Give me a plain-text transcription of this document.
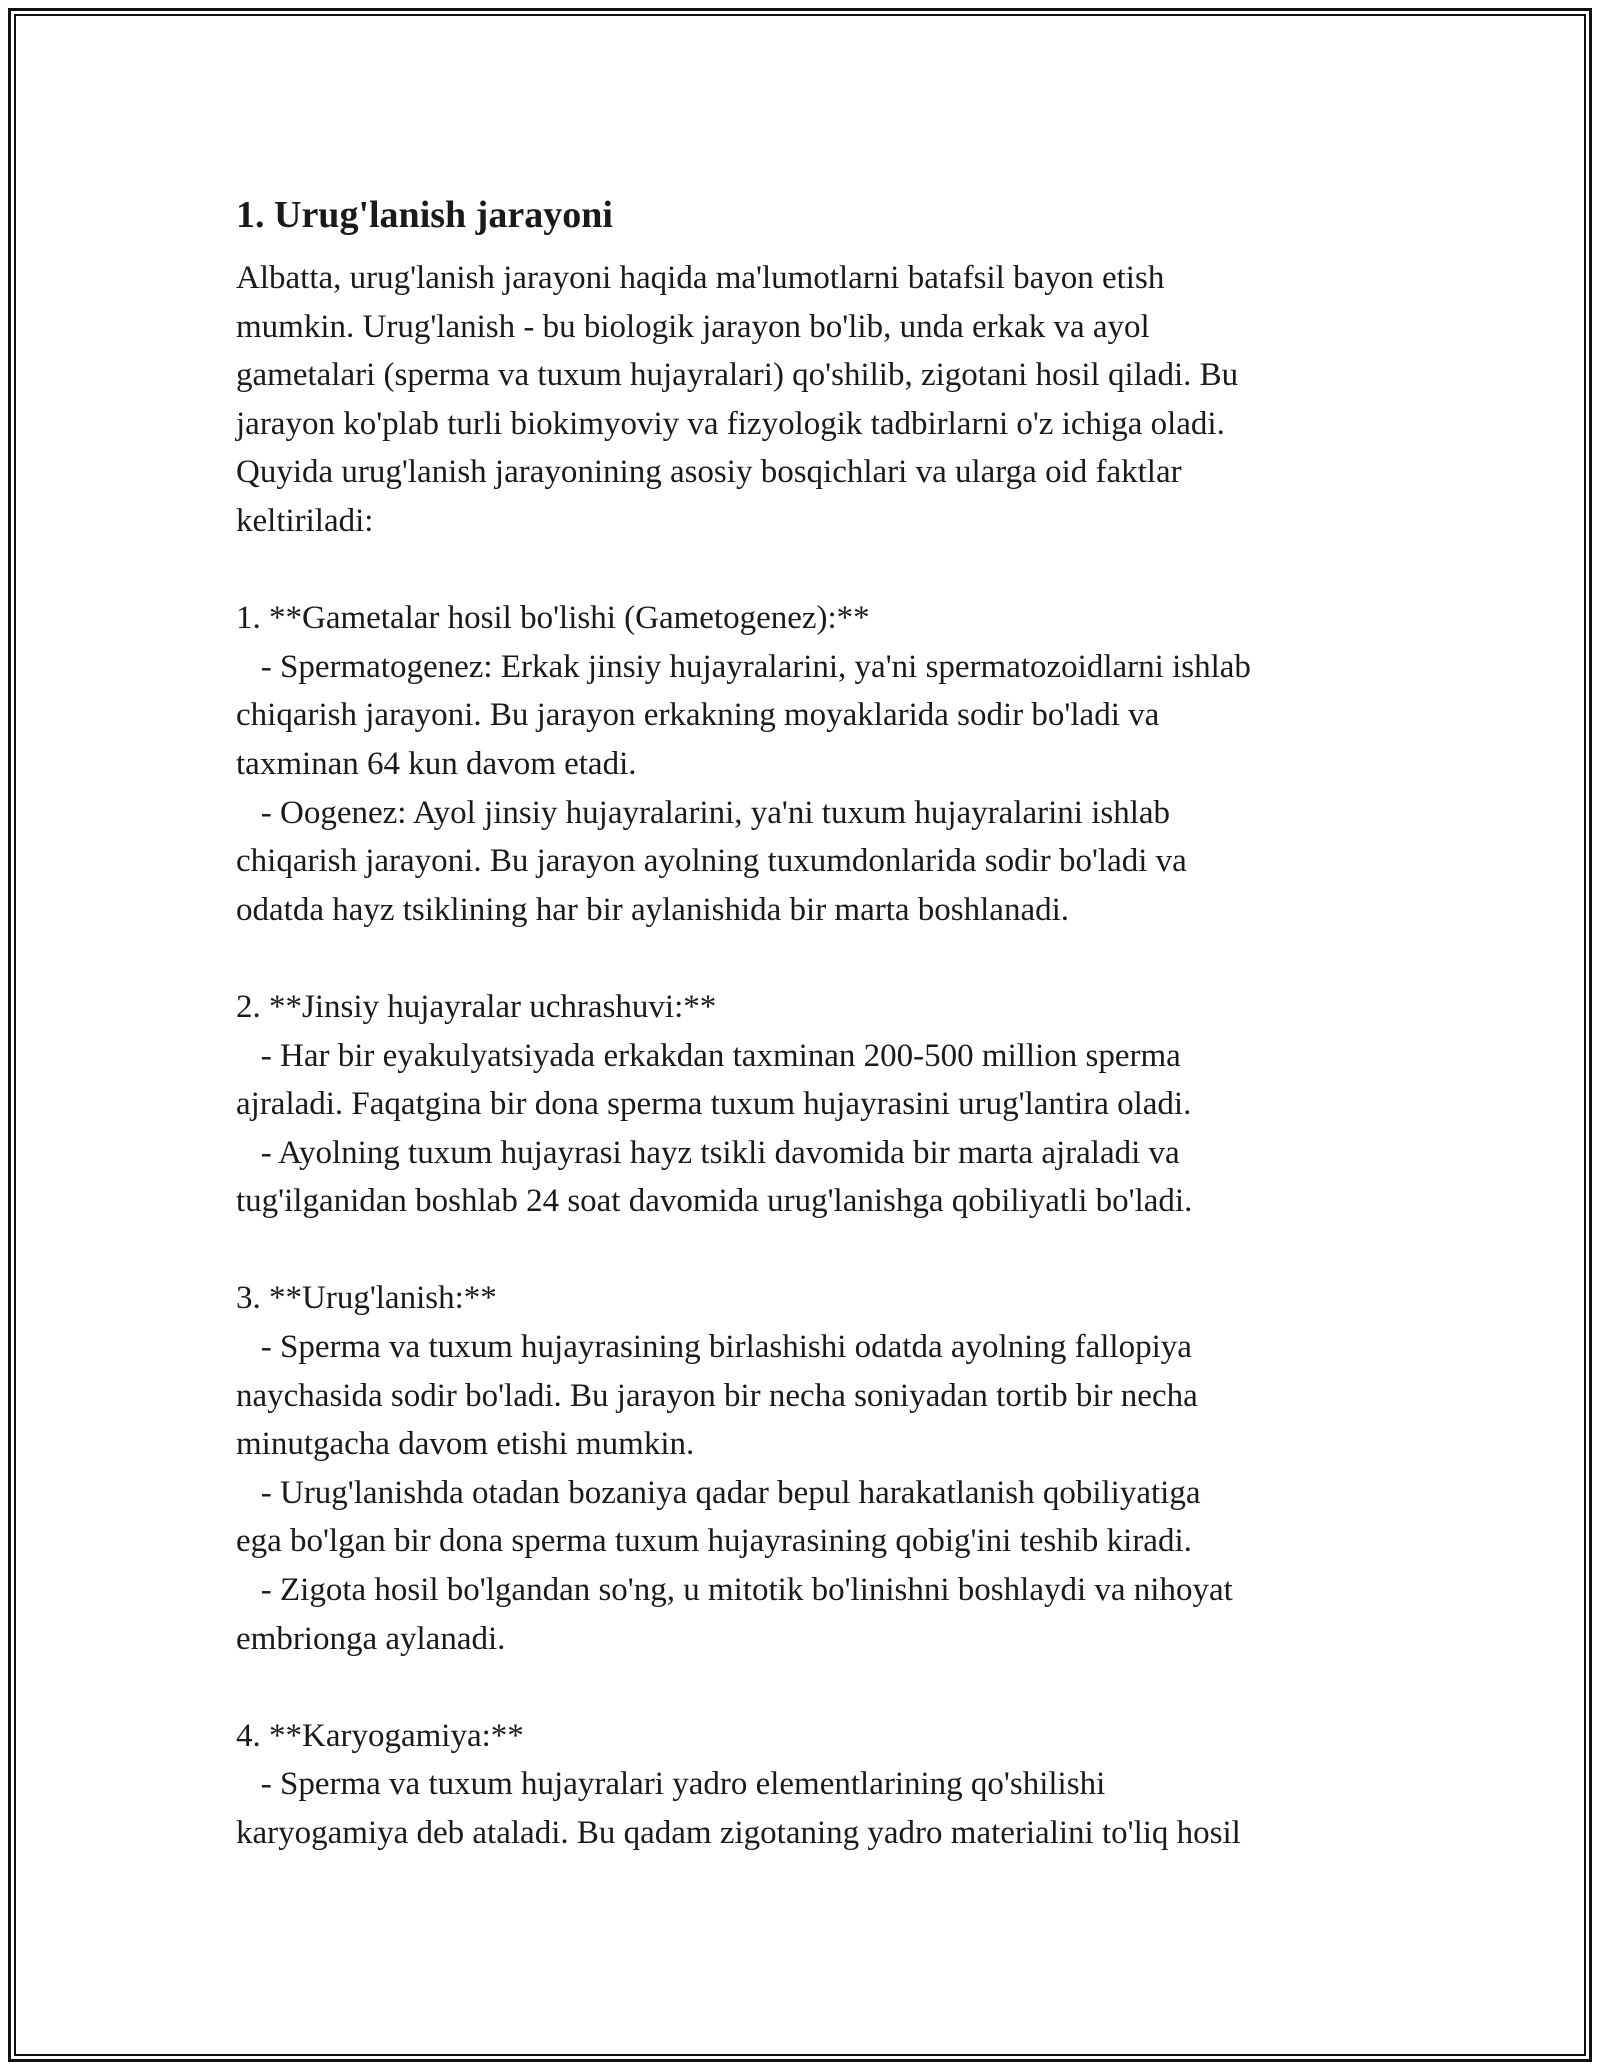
1. Urug'lanish jarayoni
Albatta, urug'lanish jarayoni haqida ma'lumotlarni batafsil bayon etish
mumkin. Urug'lanish - bu biologik jarayon bo'lib, unda erkak va ayol
gametalari (sperma va tuxum hujayralari) qo'shilib, zigotani hosil qiladi. Bu
jarayon ko'plab turli biokimyoviy va fizyologik tadbirlarni o'z ichiga oladi.
Quyida urug'lanish jarayonining asosiy bosqichlari va ularga oid faktlar
keltiriladi:
1. **Gametalar hosil bo'lishi (Gametogenez):**
- Spermatogenez: Erkak jinsiy hujayralarini, ya'ni spermatozoidlarni ishlab
chiqarish jarayoni. Bu jarayon erkakning moyaklarida sodir bo'ladi va
taxminan 64 kun davom etadi.
- Oogenez: Ayol jinsiy hujayralarini, ya'ni tuxum hujayralarini ishlab
chiqarish jarayoni. Bu jarayon ayolning tuxumdonlarida sodir bo'ladi va
odatda hayz tsiklining har bir aylanishida bir marta boshlanadi.
2. **Jinsiy hujayralar uchrashuvi:**
- Har bir eyakulyatsiyada erkakdan taxminan 200-500 million sperma
ajraladi. Faqatgina bir dona sperma tuxum hujayrasini urug'lantira oladi.
- Ayolning tuxum hujayrasi hayz tsikli davomida bir marta ajraladi va
tug'ilganidan boshlab 24 soat davomida urug'lanishga qobiliyatli bo'ladi.
3. **Urug'lanish:**
- Sperma va tuxum hujayrasining birlashishi odatda ayolning fallopiya
naychasida sodir bo'ladi. Bu jarayon bir necha soniyadan tortib bir necha
minutgacha davom etishi mumkin.
- Urug'lanishda otadan bozaniya qadar bepul harakatlanish qobiliyatiga
ega bo'lgan bir dona sperma tuxum hujayrasining qobig'ini teshib kiradi.
- Zigota hosil bo'lgandan so'ng, u mitotik bo'linishni boshlaydi va nihoyat
embrionga aylanadi.
4. **Karyogamiya:**
- Sperma va tuxum hujayralari yadro elementlarining qo'shilishi
karyogamiya deb ataladi. Bu qadam zigotaning yadro materialini to'liq hosil
